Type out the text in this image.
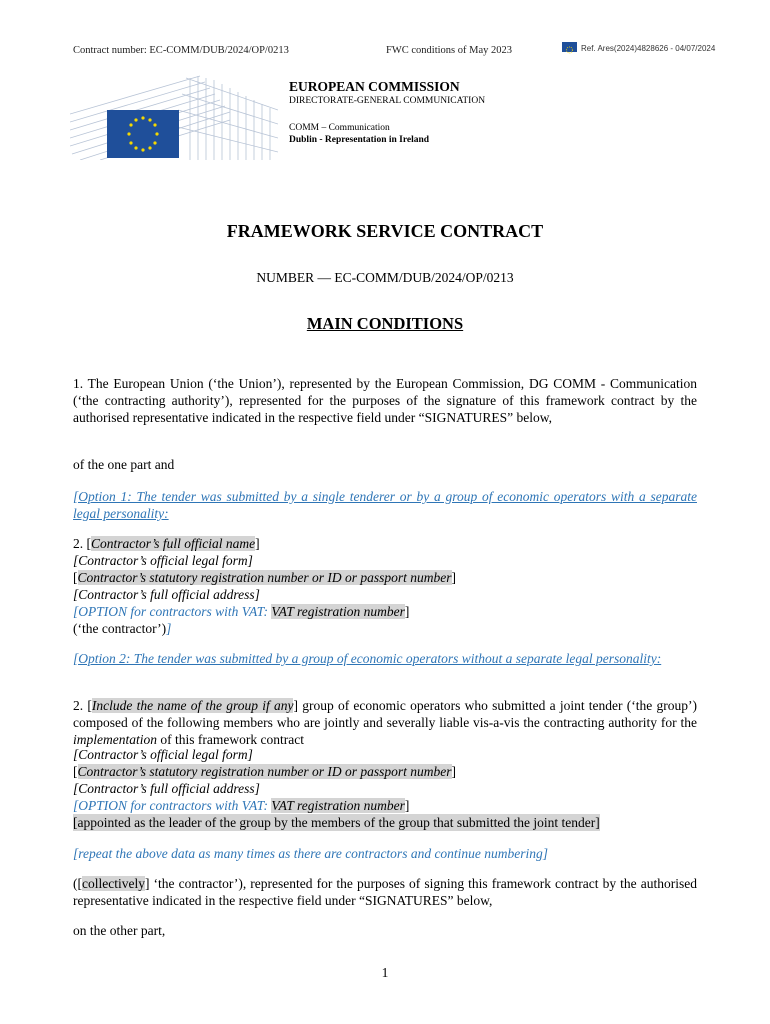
Contract number: EC-COMM/DUB/2024/OP/0213	FWC conditions of May 2023	Ref. Ares(2024)4828626 - 04/07/2024
EUROPEAN COMMISSION
DIRECTORATE-GENERAL COMMUNICATION
COMM – Communication
Dublin - Representation in Ireland
FRAMEWORK SERVICE CONTRACT
NUMBER — EC-COMM/DUB/2024/OP/0213
MAIN CONDITIONS
1. The European Union (‘the Union’), represented by the European Commission, DG COMM - Communication (‘the contracting authority’), represented for the purposes of the signature of this framework contract by the authorised representative indicated in the respective field under “SIGNATURES” below,
of the one part and
[Option 1: The tender was submitted by a single tenderer or by a group of economic operators with a separate legal personality:
2. [Contractor’s full official name]
[Contractor’s official legal form]
[Contractor’s statutory registration number or ID or passport number]
[Contractor’s full official address]
[OPTION for contractors with VAT: VAT registration number]
(‘the contractor’)]
[Option 2: The tender was submitted by a group of economic operators without a separate legal personality:
2. [Include the name of the group if any] group of economic operators who submitted a joint tender (‘the group’) composed of the following members who are jointly and severally liable vis-a-vis the contracting authority for the implementation of this framework contract
[Contractor’s official legal form]
[Contractor’s statutory registration number or ID or passport number]
[Contractor’s full official address]
[OPTION for contractors with VAT: VAT registration number]
[appointed as the leader of the group by the members of the group that submitted the joint tender]
[repeat the above data as many times as there are contractors and continue numbering]
([collectively] ‘the contractor’), represented for the purposes of signing this framework contract by the authorised representative indicated in the respective field under “SIGNATURES” below,
on the other part,
1
